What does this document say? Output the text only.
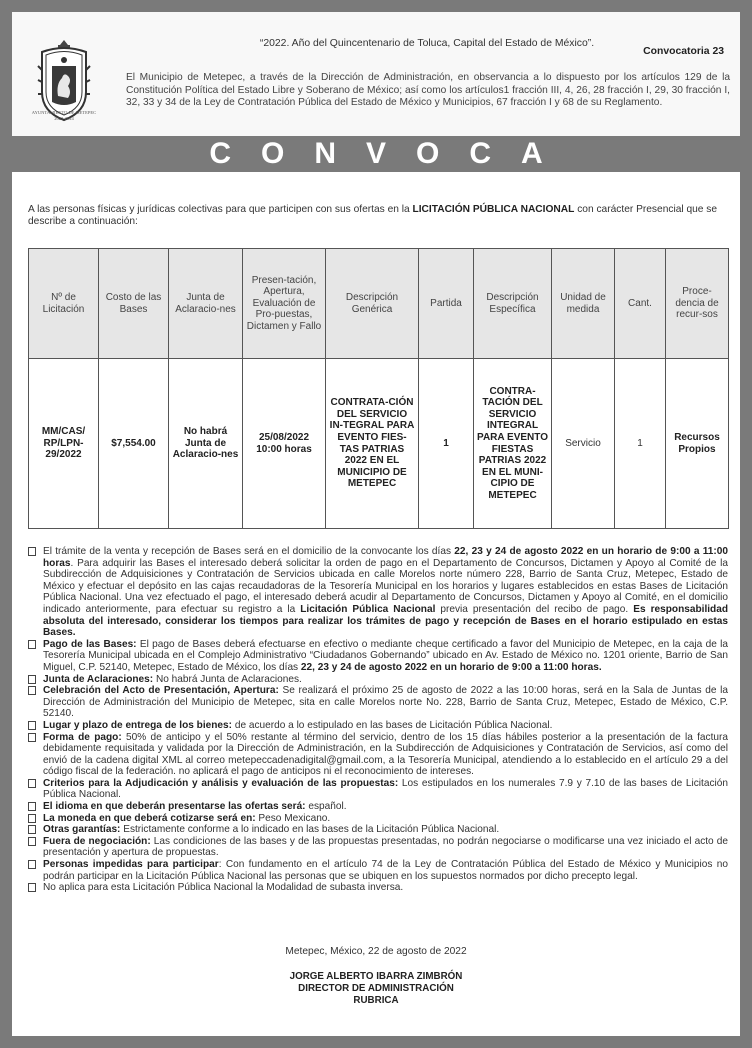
AYUNTAMIENTO DE METEPEC
2022-2024
“2022. Año del Quincentenario de Toluca, Capital del Estado de México”.
Convocatoria 23
El Municipio de Metepec, a través de la Dirección de Administración, en observancia a lo dispuesto por los artículos 129 de la Constitución Política del Estado Libre y Soberano de México; así como los artículos1 fracción III, 4, 26, 28 fracción I, 29, 30 fracción I, 32, 33 y 34 de la Ley de Contratación Pública del Estado de México y Municipios, 67 fracción I y 68 de su Reglamento.
CONVOCA

A las personas físicas y jurídicas colectivas para que participen con sus ofertas en la LICITACIÓN PÚBLICA NACIONAL con carácter Presencial que se describe a continuación:

Nº de Licitación	Costo de las Bases	Junta de Aclaracio-nes	Presen-tación, Apertura, Evaluación de Pro-puestas, Dictamen y Fallo	Descripción Genérica	Partida	Descripción Específica	Unidad de medida	Cant.	Proce-dencia de recur-sos
MM/CAS/ RP/LPN- 29/2022	$7,554.00	No habrá Junta de Aclaracio-nes	25/08/2022 10:00 horas	CONTRATA-CIÓN DEL SERVICIO IN-TEGRAL PARA EVENTO FIES-TAS PATRIAS 2022 EN EL MUNICIPIO DE METEPEC	1	CONTRA-TACIÓN DEL SERVICIO INTEGRAL PARA EVENTO FIESTAS PATRIAS 2022 EN EL MUNI-CIPIO DE METEPEC	Servicio	1	Recursos Propios
El trámite de la venta y recepción de Bases será en el domicilio de la convocante los días 22, 23 y 24 de agosto 2022 en un horario de 9:00 a 11:00 horas. Para adquirir las Bases el interesado deberá solicitar la orden de pago en el Departamento de Concursos, Dictamen y Apoyo al Comité de la Subdirección de Adquisiciones y Contratación de Servicios ubicada en calle Morelos norte número 228, Barrio de Santa Cruz, Metepec, Estado de México y efectuar el depósito en las cajas recaudadoras de la Tesorería Municipal en los horarios y lugares establecidos en estas Bases de Licitación Pública Nacional. Una vez efectuado el pago, el interesado deberá acudir al Departamento de Concursos, Dictamen y Apoyo al Comité, en el domicilio indicado anteriormente, para efectuar su registro a la Licitación Pública Nacional previa presentación del recibo de pago. Es responsabilidad absoluta del interesado, considerar los tiempos para realizar los trámites de pago y recepción de Bases en el horario estipulado en estas Bases.
Pago de las Bases: El pago de Bases deberá efectuarse en efectivo o mediante cheque certificado a favor del Municipio de Metepec, en la caja de la Tesorería Municipal ubicada en el Complejo Administrativo “Ciudadanos Gobernando” ubicado en Av. Estado de México no. 1201 oriente, Barrio de San Miguel, C.P. 52140, Metepec, Estado de México, los días 22, 23 y 24 de agosto 2022 en un horario de 9:00 a 11:00 horas.
Junta de Aclaraciones: No habrá Junta de Aclaraciones.
Celebración del Acto de Presentación, Apertura: Se realizará el próximo 25 de agosto de 2022 a las 10:00 horas, será en la Sala de Juntas de la Dirección de Administración del Municipio de Metepec, sita en calle Morelos norte No. 228, Barrio de Santa Cruz, Metepec, Estado de México, C.P. 52140.
Lugar y plazo de entrega de los bienes: de acuerdo a lo estipulado en las bases de Licitación Pública Nacional.
Forma de pago: 50% de anticipo y el 50% restante al término del servicio, dentro de los 15 días hábiles posterior a la presentación de la factura debidamente requisitada y validada por la Dirección de Administración, en la Subdirección de Adquisiciones y Contratación de Servicios, así como del envió de la cadena digital XML al correo metepeccadenadigital@gmail.com, a la Tesorería Municipal, atendiendo a lo establecido en el artículo 29 a del código fiscal de la federación. no aplicará el pago de anticipos ni el reconocimiento de intereses.
Criterios para la Adjudicación y análisis y evaluación de las propuestas: Los estipulados en los numerales 7.9 y 7.10 de las bases de Licitación Pública Nacional.
El idioma en que deberán presentarse las ofertas será: español.
La moneda en que deberá cotizarse será en: Peso Mexicano.
Otras garantías: Estrictamente conforme a lo indicado en las bases de la Licitación Pública Nacional.
Fuera de negociación: Las condiciones de las bases y de las propuestas presentadas, no podrán negociarse o modificarse una vez iniciado el acto de presentación y apertura de propuestas.
Personas impedidas para participar: Con fundamento en el artículo 74 de la Ley de Contratación Pública del Estado de México y Municipios no podrán participar en la Licitación Pública Nacional las personas que se ubiquen en los supuestos normados por dicho precepto legal.
No aplica para esta Licitación Pública Nacional la Modalidad de subasta inversa.
Metepec, México, 22 de agosto de 2022
JORGE ALBERTO IBARRA ZIMBRÓN
DIRECTOR DE ADMINISTRACIÓN
RUBRICA
